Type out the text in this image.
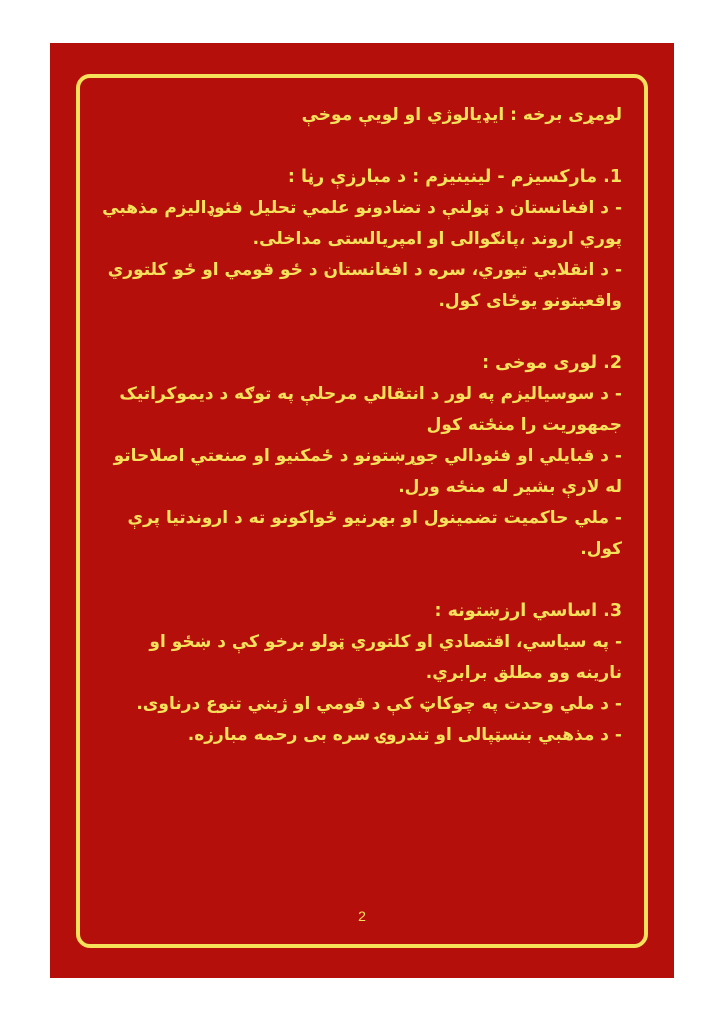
لومړی برخه : ایډیالوژي او لویې موخې
1. مارکسیزم - لینینیزم : د مبارزې رڼا :
- د افغانستان د ټولنې د تضادونو علمي تحلیل فئوډالیزم مذهبي پوري اروند ،پانګوالی او امپریالستی مداخلی.
- د انقلابي تیوري، سره د افغانستان د ځو قومي او ځو کلتوري واقعیتونو یوځای کول.
2. لوری موخی :
- د سوسیالیزم په لور د انتقالي مرحلې په توګه د دیموکراتیک جمهوریت را منځته کول
- د قبایلي او فئودالي جوړښتونو د ځمکنیو او صنعتي اصلاحاتو له لارې بشیر له منځه ورل.
- ملي حاکمیت تضمینول او بهرنیو ځواکونو ته د اروندتیا پرې کول.
3. اساسي ارزښتونه :
- په سیاسي، اقتصادي او کلتوري ټولو برخو کې د ښځو او نارینه وو مطلق برابري.
- د ملي وحدت په چوکاټ کې د قومي او ژبني تنوع درناوی.
- د مذهبي بنسټپالی او تندروۍ سره بی رحمه مبارزه.
2
